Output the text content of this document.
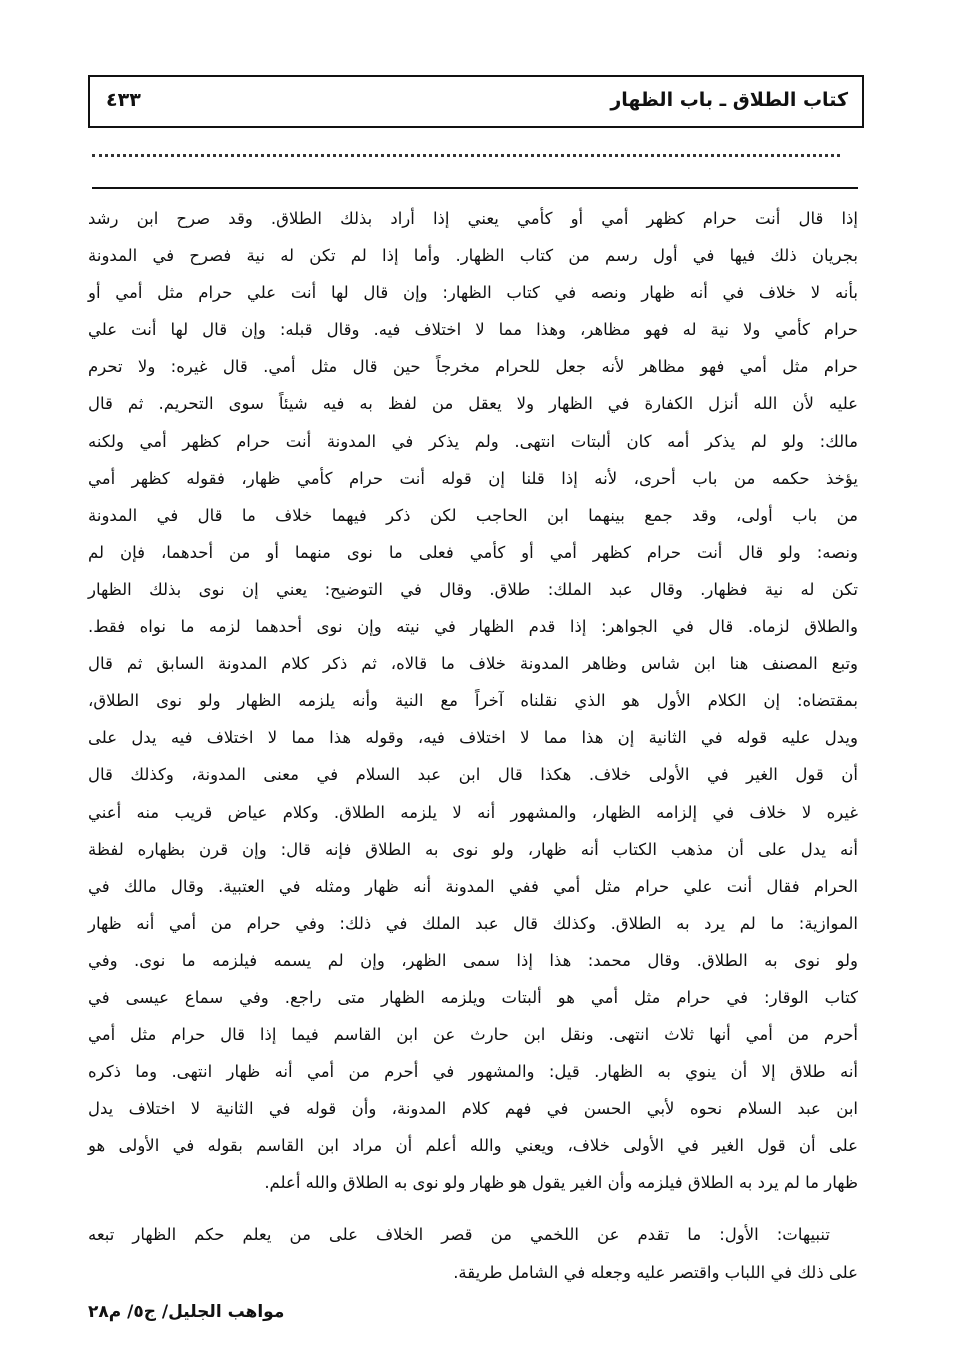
كتاب الطلاق ـ باب الظهار
٤٣٣
إذا قال أنت حرام كظهر أمي أو كأمي يعني إذا أراد بذلك الطلاق. وقد صرح ابن رشد
بجريان ذلك فيها في أول رسم من كتاب الظهار. وأما إذا لم تكن له نية فصرح في المدونة
بأنه لا خلاف في أنه ظهار ونصه في كتاب الظهار: وإن قال لها أنت علي حرام مثل أمي أو
حرام كأمي ولا نية له فهو مظاهر، وهذا مما لا اختلاف فيه. وقال قبله: وإن قال لها أنت علي
حرام مثل أمي فهو مظاهر لأنه جعل للحرام مخرجاً حين قال مثل أمي. قال غيره: ولا تحرم
عليه لأن الله أنزل الكفارة في الظهار ولا يعقل من لفظ به فيه شيئاً سوى التحريم. ثم قال
مالك: ولو لم يذكر أمه كان ألبتات انتهى. ولم يذكر في المدونة أنت حرام كظهر أمي ولكنه
يؤخذ حكمه من باب أحرى، لأنه إذا قلنا إن قوله أنت حرام كأمي ظهار، فقوله كظهر أمي
من باب أولى، وقد جمع بينهما ابن الحاجب لكن ذكر فيهما خلاف ما قال في المدونة
ونصه: ولو قال أنت حرام كظهر أمي أو كأمي فعلى ما نوى منهما أو من أحدهما، فإن لم
تكن له نية فظهار. وقال عبد الملك: طلاق. وقال في التوضيح: يعني إن نوى بذلك الظهار
والطلاق لزماه. قال في الجواهر: إذا قدم الظهار في نيته وإن نوى أحدهما لزمه ما نواه فقط.
وتبع المصنف هنا ابن شاس وظاهر المدونة خلاف ما قالاه، ثم ذكر كلام المدونة السابق ثم قال
بمقتضاه: إن الكلام الأول هو الذي نقلناه آخراً مع النية وأنه يلزمه الظهار ولو نوى الطلاق،
ويدل عليه قوله في الثانية إن هذا مما لا اختلاف فيه، وقوله هذا مما لا اختلاف فيه يدل على
أن قول الغير في الأولى خلاف. هكذا قال ابن عبد السلام في معنى المدونة، وكذلك قال
غيره لا خلاف في إلزامه الظهار، والمشهور أنه لا يلزمه الطلاق. وكلام عياض قريب منه أعني
أنه يدل على أن مذهب الكتاب أنه ظهار، ولو نوى به الطلاق فإنه قال: وإن قرن بظهاره لفظة
الحرام فقال أنت علي حرام مثل أمي ففي المدونة أنه ظهار ومثله في العتبية. وقال مالك في
الموازية: ما لم يرد به الطلاق. وكذلك قال عبد الملك في ذلك: وفي حرام من أمي أنه ظهار
ولو نوى به الطلاق. وقال محمد: هذا إذا سمى الظهر، وإن لم يسمه فيلزمه ما نوى. وفي
كتاب الوقار: في حرام مثل أمي هو ألبتات ويلزمه الظهار متى راجع. وفي سماع عيسى في
أحرم من أمي أنها ثلاث انتهى. ونقل ابن حارث عن ابن القاسم فيما إذا قال حرام مثل أمي
أنه طلاق إلا أن ينوي به الظهار. قيل: والمشهور في أحرم من أمي أنه ظهار انتهى. وما ذكره
ابن عبد السلام نحوه لأبي الحسن في فهم كلام المدونة، وأن قوله في الثانية لا اختلاف يدل
على أن قول الغير في الأولى خلاف، ويعني والله أعلم أن مراد ابن القاسم بقوله في الأولى هو
ظهار ما لم يرد به الطلاق فيلزمه وأن الغير يقول هو ظهار ولو نوى به الطلاق والله أعلم.
تنبيهات: الأول: ما تقدم عن اللخمي من قصر الخلاف على من يعلم حكم الظهار تبعه
على ذلك في اللباب واقتصر عليه وجعله في الشامل طريقة.
مواهب الجليل/ ج٥/ م٢٨
